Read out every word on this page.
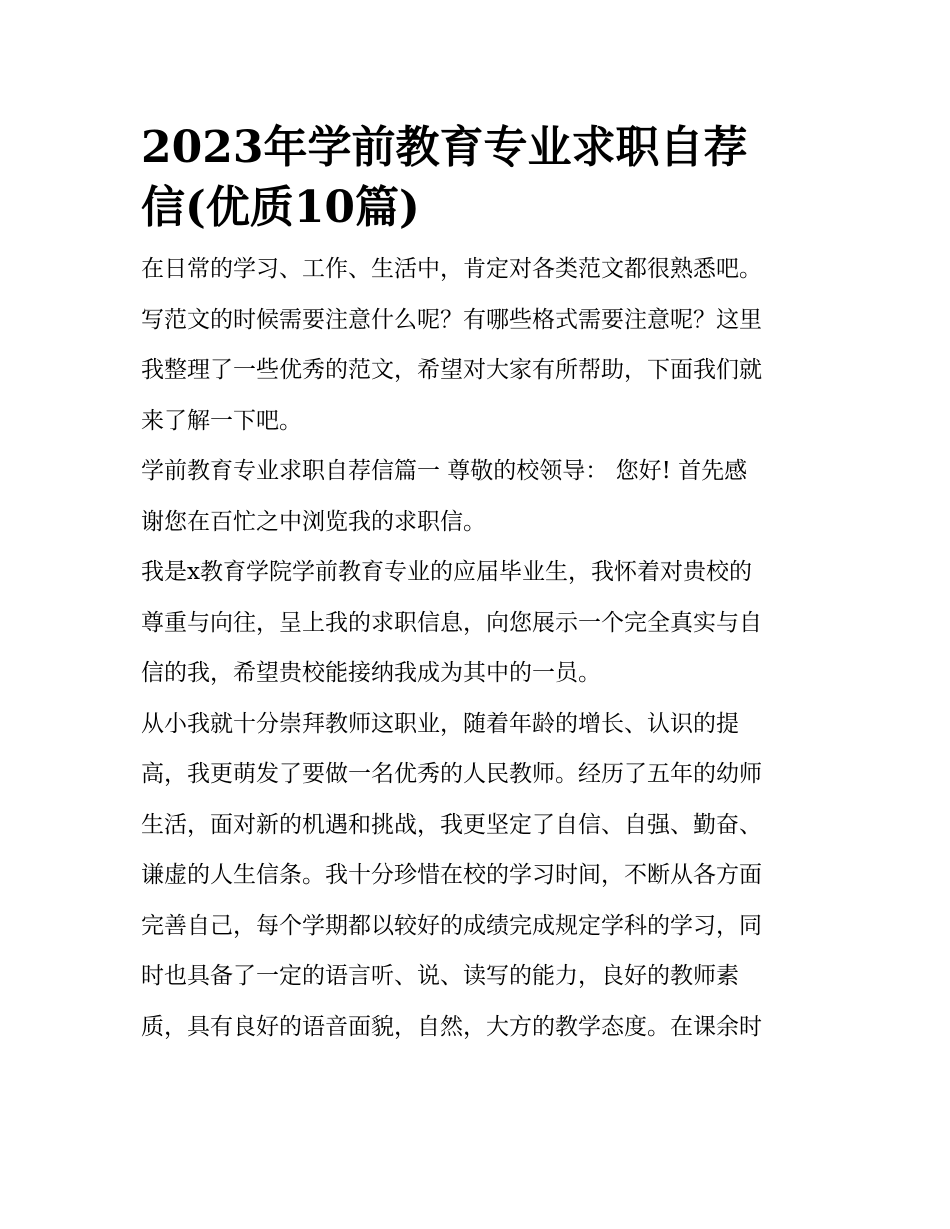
2023年学前教育专业求职自荐
信(优质10篇)
在日常的学习、工作、生活中，肯定对各类范文都很熟悉吧。
写范文的时候需要注意什么呢？有哪些格式需要注意呢？这里
我整理了一些优秀的范文，希望对大家有所帮助，下面我们就
来了解一下吧。
学前教育专业求职自荐信篇一 尊敬的校领导： 您好! 首先感
谢您在百忙之中浏览我的求职信。
我是x教育学院学前教育专业的应届毕业生，我怀着对贵校的
尊重与向往，呈上我的求职信息，向您展示一个完全真实与自
信的我，希望贵校能接纳我成为其中的一员。
从小我就十分崇拜教师这职业，随着年龄的增长、认识的提
高，我更萌发了要做一名优秀的人民教师。经历了五年的幼师
生活，面对新的机遇和挑战，我更坚定了自信、自强、勤奋、
谦虚的人生信条。我十分珍惜在校的学习时间，不断从各方面
完善自己，每个学期都以较好的成绩完成规定学科的学习，同
时也具备了一定的语言听、说、读写的能力，良好的教师素
质，具有良好的语音面貌，自然，大方的教学态度。在课余时
